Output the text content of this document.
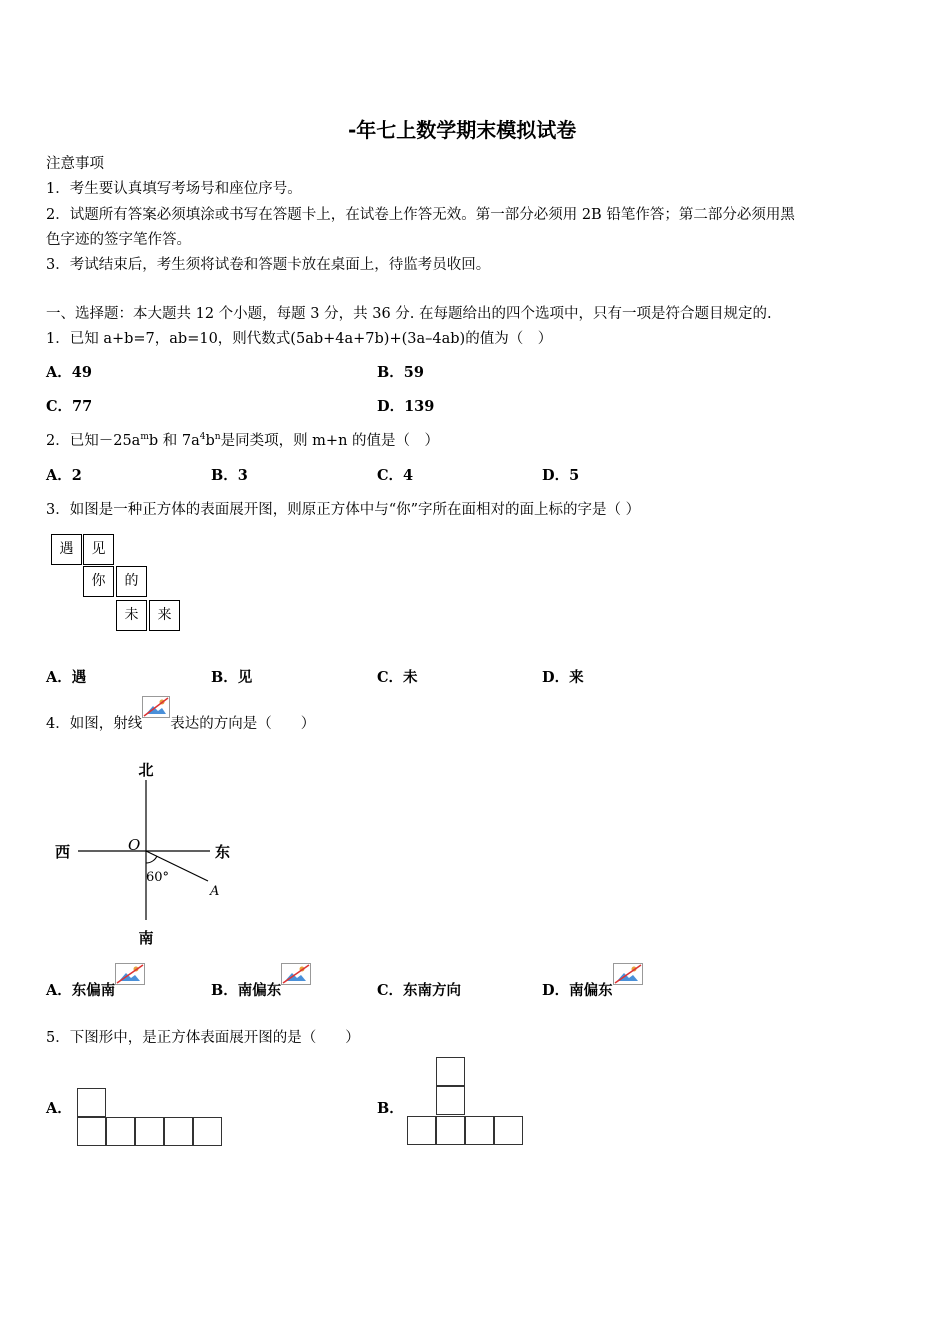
-年七上数学期末模拟试卷
注意事项
1．考生要认真填写考场号和座位序号。
2．试题所有答案必须填涂或书写在答题卡上，在试卷上作答无效。第一部分必须用 2B 铅笔作答；第二部分必须用黑
色字迹的签字笔作答。
3．考试结束后，考生须将试卷和答题卡放在桌面上，待监考员收回。
一、选择题：本大题共 12 个小题，每题 3 分，共 36 分. 在每题给出的四个选项中，只有一项是符合题目规定的.
1．已知 a+b=7，ab=10，则代数式(5ab+4a+7b)+(3a–4ab)的值为（　）
A．49	B．59
C．77	D．139
2．已知$-25a^mb$ 和 $7a^4b^n$是同类项，则 m+n 的值是（　）
A．2	B．3	C．4	D．5
3．如图是一种正方体的表面展开图，则原正方体中与“你”字所在面相对的面上标的字是（ ）
遇	见
你	的
未	来
A．遇	B．见	C．未	D．来
4．如图，射线 表达的方向是（　　）
北
南
西	东
O
60°
A
A．东偏南	B．南偏东	C．东南方向	D．南偏东
5．下图形中，是正方体表面展开图的是（　　）
A．	B．
